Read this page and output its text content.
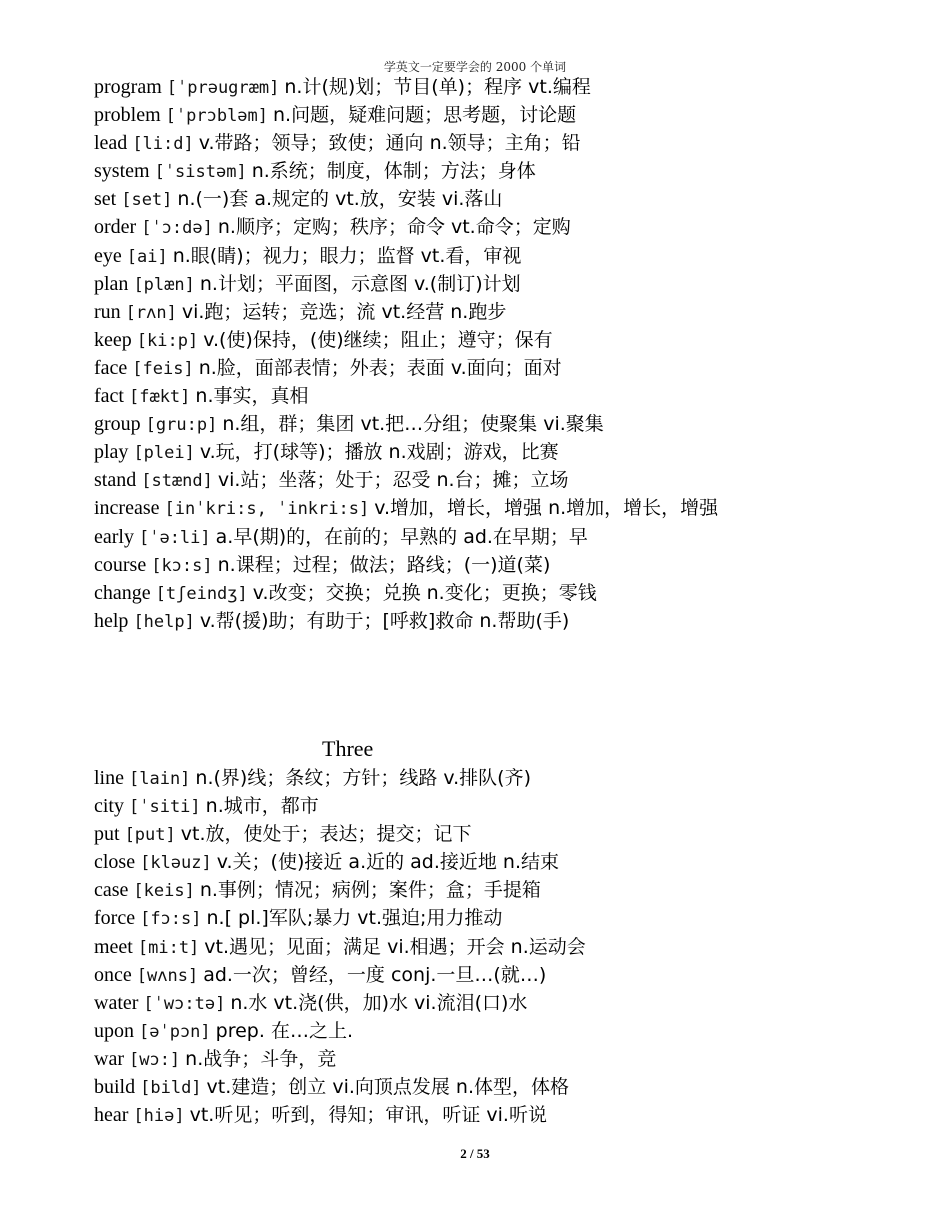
学英文一定要学会的 2000 个单词
program [ˈprəugræm] n.计(规)划；节目(单)；程序 vt.编程
problem [ˈprɔbləm] n.问题，疑难问题；思考题，讨论题
lead [li:d] v.带路；领导；致使；通向 n.领导；主角；铅
system [ˈsistəm] n.系统；制度，体制；方法；身体
set [set] n.(一)套 a.规定的 vt.放，安装 vi.落山
order [ˈɔ:də] n.顺序；定购；秩序；命令 vt.命令；定购
eye [ai] n.眼(睛)；视力；眼力；监督 vt.看，审视
plan [plæn] n.计划；平面图，示意图 v.(制订)计划
run [rʌn] vi.跑；运转；竞选；流 vt.经营 n.跑步
keep [ki:p] v.(使)保持，(使)继续；阻止；遵守；保有
face [feis] n.脸，面部表情；外表；表面 v.面向；面对
fact [fækt] n.事实，真相
group [gru:p] n.组，群；集团 vt.把…分组；使聚集 vi.聚集
play [plei] v.玩，打(球等)；播放 n.戏剧；游戏，比赛
stand [stænd] vi.站；坐落；处于；忍受 n.台；摊；立场
increase [inˈkri:s, ˈinkri:s] v.增加，增长，增强 n.增加，增长，增强
early [ˈə:li] a.早(期)的，在前的；早熟的 ad.在早期；早
course [kɔ:s] n.课程；过程；做法；路线；(一)道(菜)
change [tʃeindʒ] v.改变；交换；兑换 n.变化；更换；零钱
help [help] v.帮(援)助；有助于；[呼救]救命 n.帮助(手)
Three
line [lain] n.(界)线；条纹；方针；线路 v.排队(齐)
city [ˈsiti] n.城市，都市
put [put] vt.放，使处于；表达；提交；记下
close [kləuz] v.关；(使)接近 a.近的 ad.接近地 n.结束
case [keis] n.事例；情况；病例；案件；盒；手提箱
force [fɔ:s] n.[ pl.]军队;暴力 vt.强迫;用力推动
meet [mi:t] vt.遇见；见面；满足 vi.相遇；开会 n.运动会
once [wʌns] ad.一次；曾经，一度 conj.一旦…(就…)
water [ˈwɔ:tə] n.水 vt.浇(供，加)水 vi.流泪(口)水
upon [əˈpɔn] prep. 在…之上.
war [wɔ:] n.战争；斗争，竞
build [bild] vt.建造；创立 vi.向顶点发展 n.体型，体格
hear [hiə] vt.听见；听到，得知；审讯，听证 vi.听说
2 / 53
